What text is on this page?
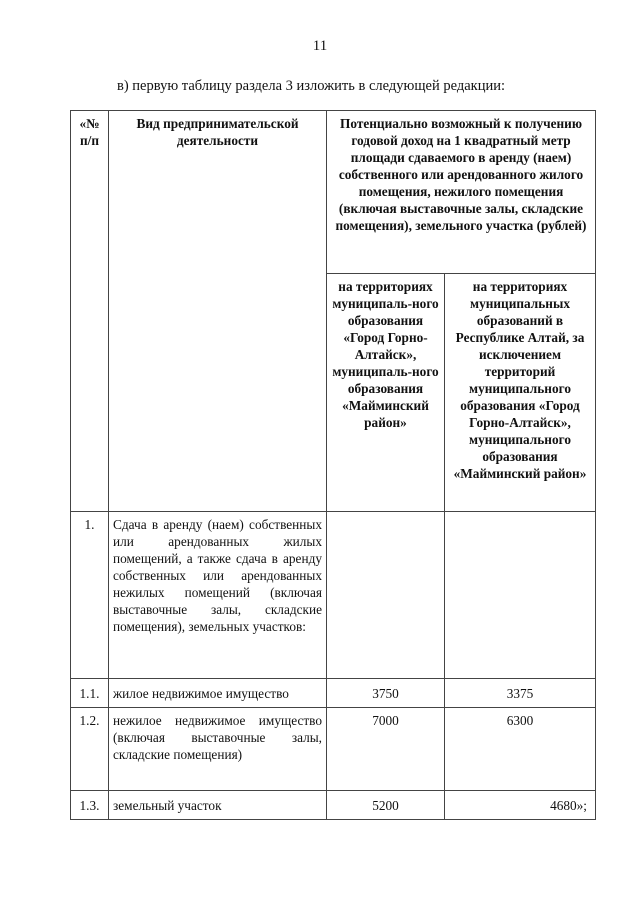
11
в) первую таблицу раздела 3 изложить в следующей редакции:
«№ п/п	Вид предпринимательской деятельности	Потенциально возможный к получению годовой доход на 1 квадратный метр площади сдаваемого в аренду (наем) собственного или арендованного жилого помещения, нежилого помещения (включая выставочные залы, складские помещения), земельного участка (рублей)	
		на территориях муниципаль-ного образования «Город Горно-Алтайск», муниципаль-ного образования «Майминский район»	на территориях муниципальных образований в Республике Алтай, за исключением территорий муниципального образования «Город Горно-Алтайск», муниципального образования «Майминский район»
1.	Сдача в аренду (наем) собственных или арендованных жилых помещений, а также сдача в аренду собственных или арендованных нежилых помещений (включая выставочные залы, складские помещения), земельных участков:		
1.1.	жилое недвижимое имущество	3750	3375
1.2.	нежилое недвижимое имущество (включая выставочные залы, складские помещения)	7000	6300
1.3.	земельный участок	5200	4680»;
